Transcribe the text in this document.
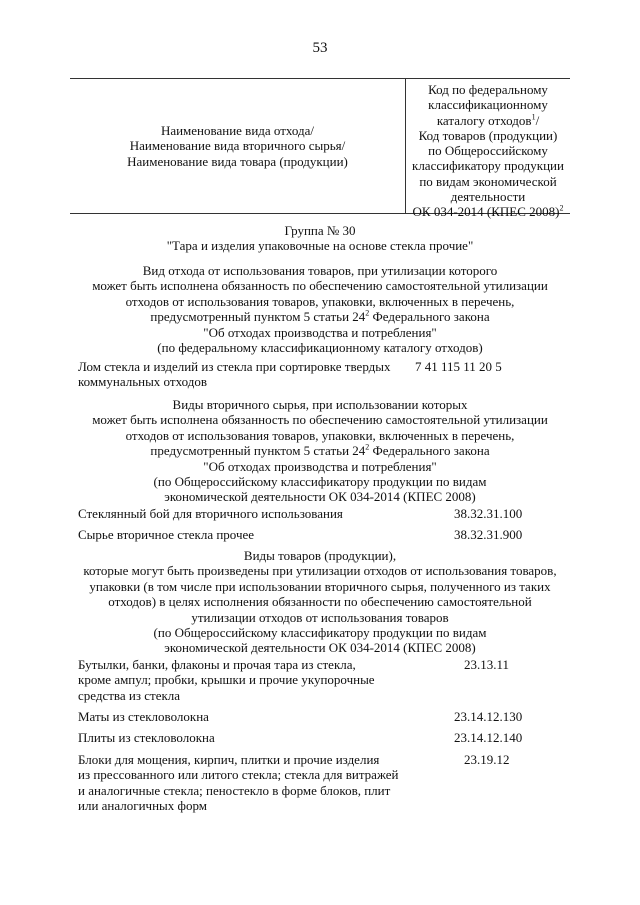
53
Наименование вида отхода/
Наименование вида вторичного сырья/
Наименование вида товара (продукции)
Код по федеральному
классификационному
каталогу отходов$^1$/
Код товаров (продукции)
по Общероссийскому
классификатору продукции
по видам экономической
деятельности
ОК 034-2014 (КПЕС 2008)$^2$
Группа № 30
"Тара и изделия упаковочные на основе стекла прочие"
Вид отхода от использования товаров, при утилизации которого
может быть исполнена обязанность по обеспечению самостоятельной утилизации
отходов от использования товаров, упаковки, включенных в перечень,
предусмотренный пунктом 5 статьи $24^2$ Федерального закона
"Об отходах производства и потребления"
(по федеральному классификационному каталогу отходов)
Лом стекла и изделий из стекла при сортировке твердых
коммунальных отходов
7 41 115 11 20 5
Виды вторичного сырья, при использовании которых
может быть исполнена обязанность по обеспечению самостоятельной утилизации
отходов от использования товаров, упаковки, включенных в перечень,
предусмотренный пунктом 5 статьи $24^2$ Федерального закона
"Об отходах производства и потребления"
(по Общероссийскому классификатору продукции по видам
экономической деятельности ОК 034-2014 (КПЕС 2008)
Стеклянный бой для вторичного использования	38.32.31.100
Сырье вторичное стекла прочее	38.32.31.900
Виды товаров (продукции),
которые могут быть произведены при утилизации отходов от использования товаров,
упаковки (в том числе при использовании вторичного сырья, полученного из таких
отходов) в целях исполнения обязанности по обеспечению самостоятельной
утилизации отходов от использования товаров
(по Общероссийскому классификатору продукции по видам
экономической деятельности ОК 034-2014 (КПЕС 2008)
Бутылки, банки, флаконы и прочая тара из стекла,
кроме ампул; пробки, крышки и прочие укупорочные
средства из стекла
23.13.11
Маты из стекловолокна	23.14.12.130
Плиты из стекловолокна	23.14.12.140
Блоки для мощения, кирпич, плитки и прочие изделия
из прессованного или литого стекла; стекла для витражей
и аналогичные стекла; пеностекло в форме блоков, плит
или аналогичных форм
23.19.12
